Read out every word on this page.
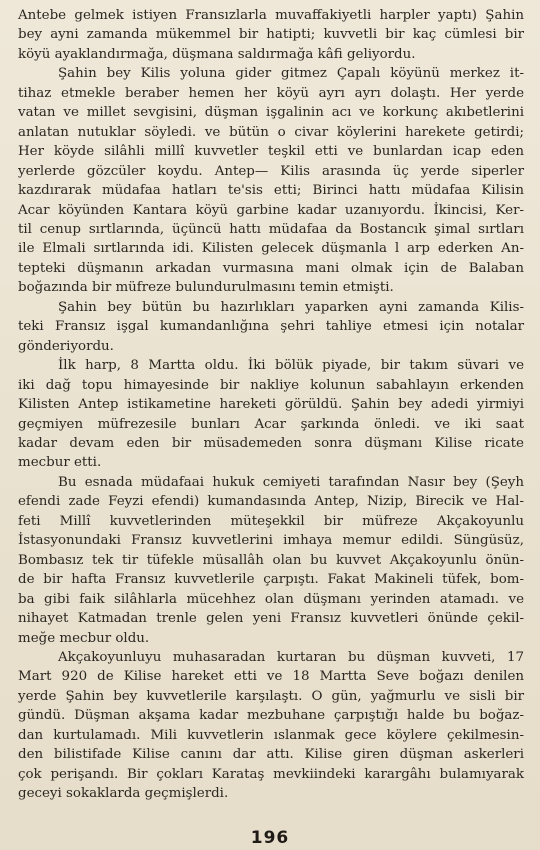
Antebe gelmek istiyen Fransızlarla muvaffakiyetli harpler yaptı) Şahin
bey ayni zamanda mükemmel bir hatipti; kuvvetli bir kaç cümlesi bir
köyü ayaklandırmağa, düşmana saldırmağa kâfi geliyordu.
Şahin bey Kilis yoluna gider gitmez Çapalı köyünü merkez it-
tihaz etmekle beraber hemen her köyü ayrı ayrı dolaştı. Her yerde
vatan ve millet sevgisini, düşman işgalinin acı ve korkunç akıbetlerini
anlatan nutuklar söyledi. ve bütün o civar köylerini harekete getirdi;
Her köyde silâhli millî kuvvetler teşkil etti ve bunlardan icap eden
yerlerde gözcüler koydu. Antep— Kilis arasında üç yerde siperler
kazdırarak müdafaa hatları te'sis etti; Birinci hattı müdafaa Kilisin
Acar köyünden Kantara köyü garbine kadar uzanıyordu. İkincisi, Ker-
til cenup sırtlarında, üçüncü hattı müdafaa da Bostancık şimal sırtları
ile Elmali sırtlarında idi. Kilisten gelecek düşmanla l arp ederken An-
tepteki düşmanın arkadan vurmasına mani olmak için de Balaban
boğazında bir müfreze bulundurulmasını temin etmişti.
Şahin bey bütün bu hazırlıkları yaparken ayni zamanda Kilis-
teki Fransız işgal kumandanlığına şehri tahliye etmesi için notalar
gönderiyordu.
İlk harp, 8 Martta oldu. İki bölük piyade, bir takım süvari ve
iki dağ topu himayesinde bir nakliye kolunun sabahlayın erkenden
Kilisten Antep istikametine hareketi görüldü. Şahin bey adedi yirmiyi
geçmiyen müfrezesile bunları Acar şarkında önledi. ve iki saat
kadar devam eden bir müsademeden sonra düşmanı Kilise ricate
mecbur etti.
Bu esnada müdafaai hukuk cemiyeti tarafından Nasır bey (Şeyh
efendi zade Feyzi efendi) kumandasında Antep, Nizip, Birecik ve Hal-
feti Millî kuvvetlerinden müteşekkil bir müfreze Akçakoyunlu
İstasyonundaki Fransız kuvvetlerini imhaya memur edildi. Süngüsüz,
Bombasız tek tir tüfekle müsallâh olan bu kuvvet Akçakoyunlu önün-
de bir hafta Fransız kuvvetlerile çarpıştı. Fakat Makineli tüfek, bom-
ba gibi faik silâhlarla mücehhez olan düşmanı yerinden atamadı. ve
nihayet Katmadan trenle gelen yeni Fransız kuvvetleri önünde çekil-
meğe mecbur oldu.
Akçakoyunluyu muhasaradan kurtaran bu düşman kuvveti, 17
Mart 920 de Kilise hareket etti ve 18 Martta Seve boğazı denilen
yerde Şahin bey kuvvetlerile karşılaştı. O gün, yağmurlu ve sisli bir
gündü. Düşman akşama kadar mezbuhane çarpıştığı halde bu boğaz-
dan kurtulamadı. Mili kuvvetlerin ıslanmak gece köylere çekilmesin-
den bilistifade Kilise canını dar attı. Kilise giren düşman askerleri
çok perişandı. Bir çokları Karataş mevkiindeki karargâhı bulamıyarak
geceyi sokaklarda geçmişlerdi.
196
